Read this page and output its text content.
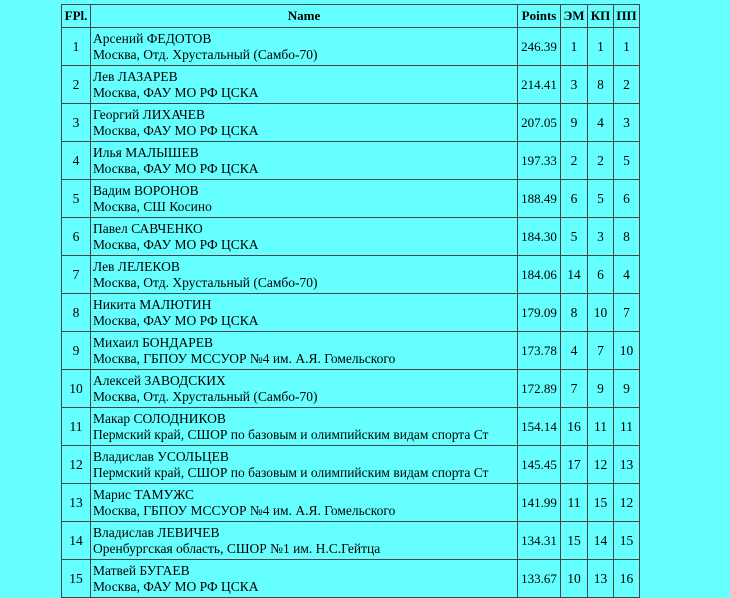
FPl.	Name	Points	ЭМ	КП	ПП
1	Арсений ФЕДОТОВ
Москва, Отд. Хрустальный (Самбо-70)	246.39	1	1	1
2	Лев ЛАЗАРЕВ
Москва, ФАУ МО РФ ЦСКА	214.41	3	8	2
3	Георгий ЛИХАЧЕВ
Москва, ФАУ МО РФ ЦСКА	207.05	9	4	3
4	Илья МАЛЫШЕВ
Москва, ФАУ МО РФ ЦСКА	197.33	2	2	5
5	Вадим ВОРОНОВ
Москва, СШ Косино	188.49	6	5	6
6	Павел САВЧЕНКО
Москва, ФАУ МО РФ ЦСКА	184.30	5	3	8
7	Лев ЛЕЛЕКОВ
Москва, Отд. Хрустальный (Самбо-70)	184.06	14	6	4
8	Никита МАЛЮТИН
Москва, ФАУ МО РФ ЦСКА	179.09	8	10	7
9	Михаил БОНДАРЕВ
Москва, ГБПОУ МССУОР №4 им. А.Я. Гомельского	173.78	4	7	10
10	Алексей ЗАВОДСКИХ
Москва, Отд. Хрустальный (Самбо-70)	172.89	7	9	9
11	Макар СОЛОДНИКОВ
Пермский край, СШОР по базовым и олимпийским видам спорта Ст	154.14	16	11	11
12	Владислав УСОЛЬЦЕВ
Пермский край, СШОР по базовым и олимпийским видам спорта Ст	145.45	17	12	13
13	Марис ТАМУЖС
Москва, ГБПОУ МССУОР №4 им. А.Я. Гомельского	141.99	11	15	12
14	Владислав ЛЕВИЧЕВ
Оренбургская область, СШОР №1 им. Н.С.Гейтца	134.31	15	14	15
15	Матвей БУГАЕВ
Москва, ФАУ МО РФ ЦСКА	133.67	10	13	16
